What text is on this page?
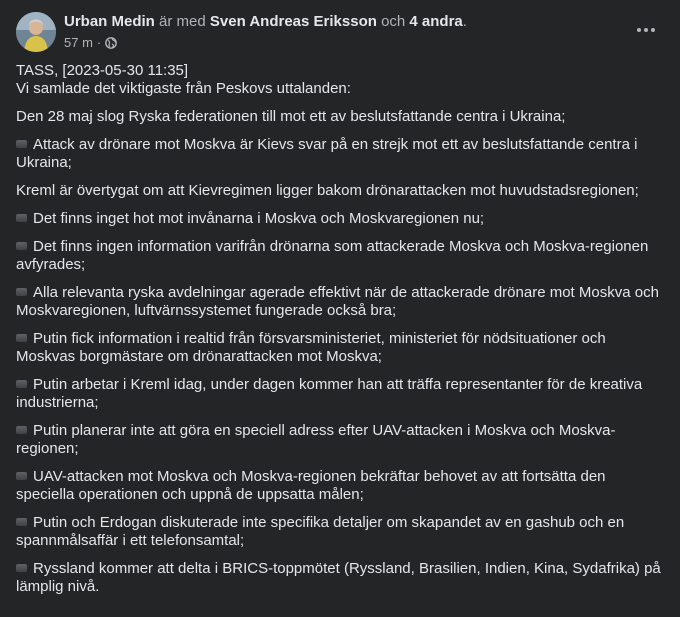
Urban Medin är med Sven Andreas Eriksson och 4 andra.
57 m ·
TASS, [2023-05-30 11:35]
Vi samlade det viktigaste från Peskovs uttalanden:
Den 28 maj slog Ryska federationen till mot ett av beslutsfattande centra i Ukraina;
Attack av drönare mot Moskva är Kievs svar på en strejk mot ett av beslutsfattande centra i Ukraina;
Kreml är övertygat om att Kievregimen ligger bakom drönarattacken mot huvudstadsregionen;
Det finns inget hot mot invånarna i Moskva och Moskvaregionen nu;
Det finns ingen information varifrån drönarna som attackerade Moskva och Moskva-regionen avfyrades;
Alla relevanta ryska avdelningar agerade effektivt när de attackerade drönare mot Moskva och Moskvaregionen, luftvärnssystemet fungerade också bra;
Putin fick information i realtid från försvarsministeriet, ministeriet för nödsituationer och Moskvas borgmästare om drönarattacken mot Moskva;
Putin arbetar i Kreml idag, under dagen kommer han att träffa representanter för de kreativa industrierna;
Putin planerar inte att göra en speciell adress efter UAV-attacken i Moskva och Moskva-regionen;
UAV-attacken mot Moskva och Moskva-regionen bekräftar behovet av att fortsätta den speciella operationen och uppnå de uppsatta målen;
Putin och Erdogan diskuterade inte specifika detaljer om skapandet av en gashub och en spannmålsaffär i ett telefonsamtal;
Ryssland kommer att delta i BRICS-toppmötet (Ryssland, Brasilien, Indien, Kina, Sydafrika) på lämplig nivå.
